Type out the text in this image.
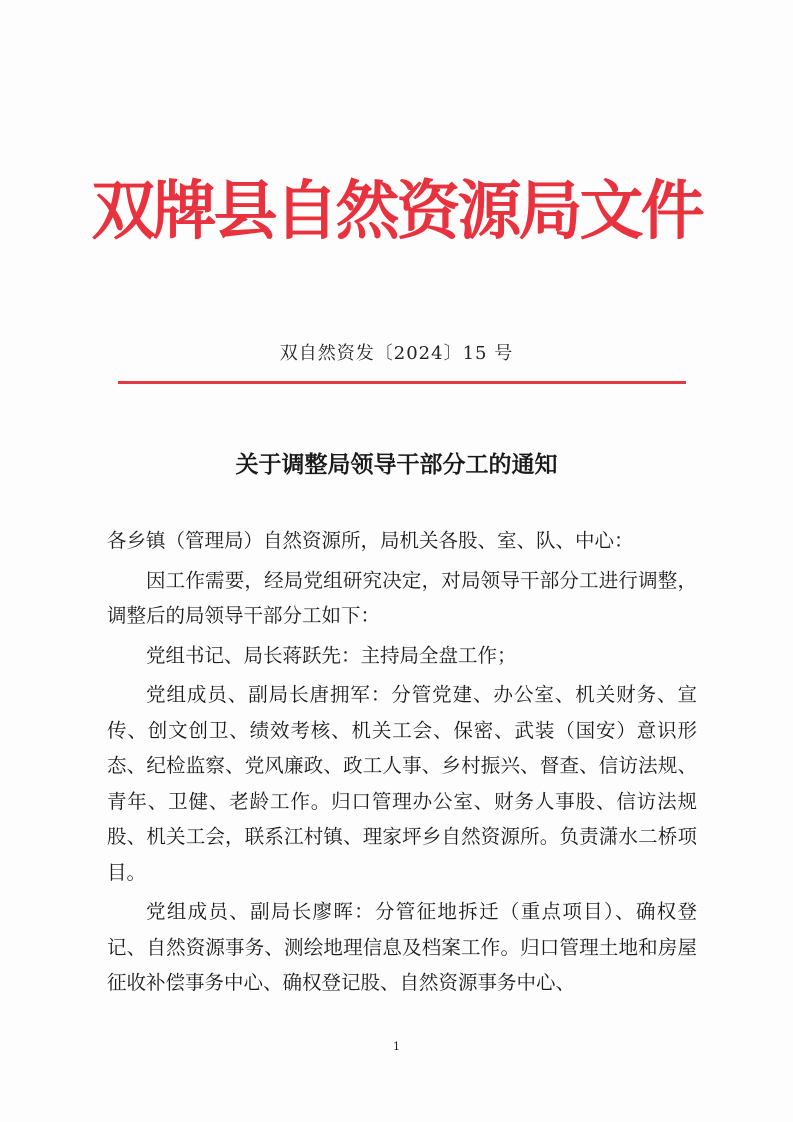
双牌县自然资源局文件
双自然资发〔2024〕15 号
关于调整局领导干部分工的通知

各乡镇（管理局）自然资源所，局机关各股、室、队、中心：

因工作需要，经局党组研究决定，对局领导干部分工进行调整，调整后的局领导干部分工如下：

党组书记、局长蒋跃先：主持局全盘工作；

党组成员、副局长唐拥军：分管党建、办公室、机关财务、宣传、创文创卫、绩效考核、机关工会、保密、武装（国安）意识形态、纪检监察、党风廉政、政工人事、乡村振兴、督查、信访法规、青年、卫健、老龄工作。归口管理办公室、财务人事股、信访法规股、机关工会，联系江村镇、理家坪乡自然资源所。负责潇水二桥项目。

党组成员、副局长廖晖：分管征地拆迁（重点项目）、确权登记、自然资源事务、测绘地理信息及档案工作。归口管理土地和房屋征收补偿事务中心、确权登记股、自然资源事务中心、

1
